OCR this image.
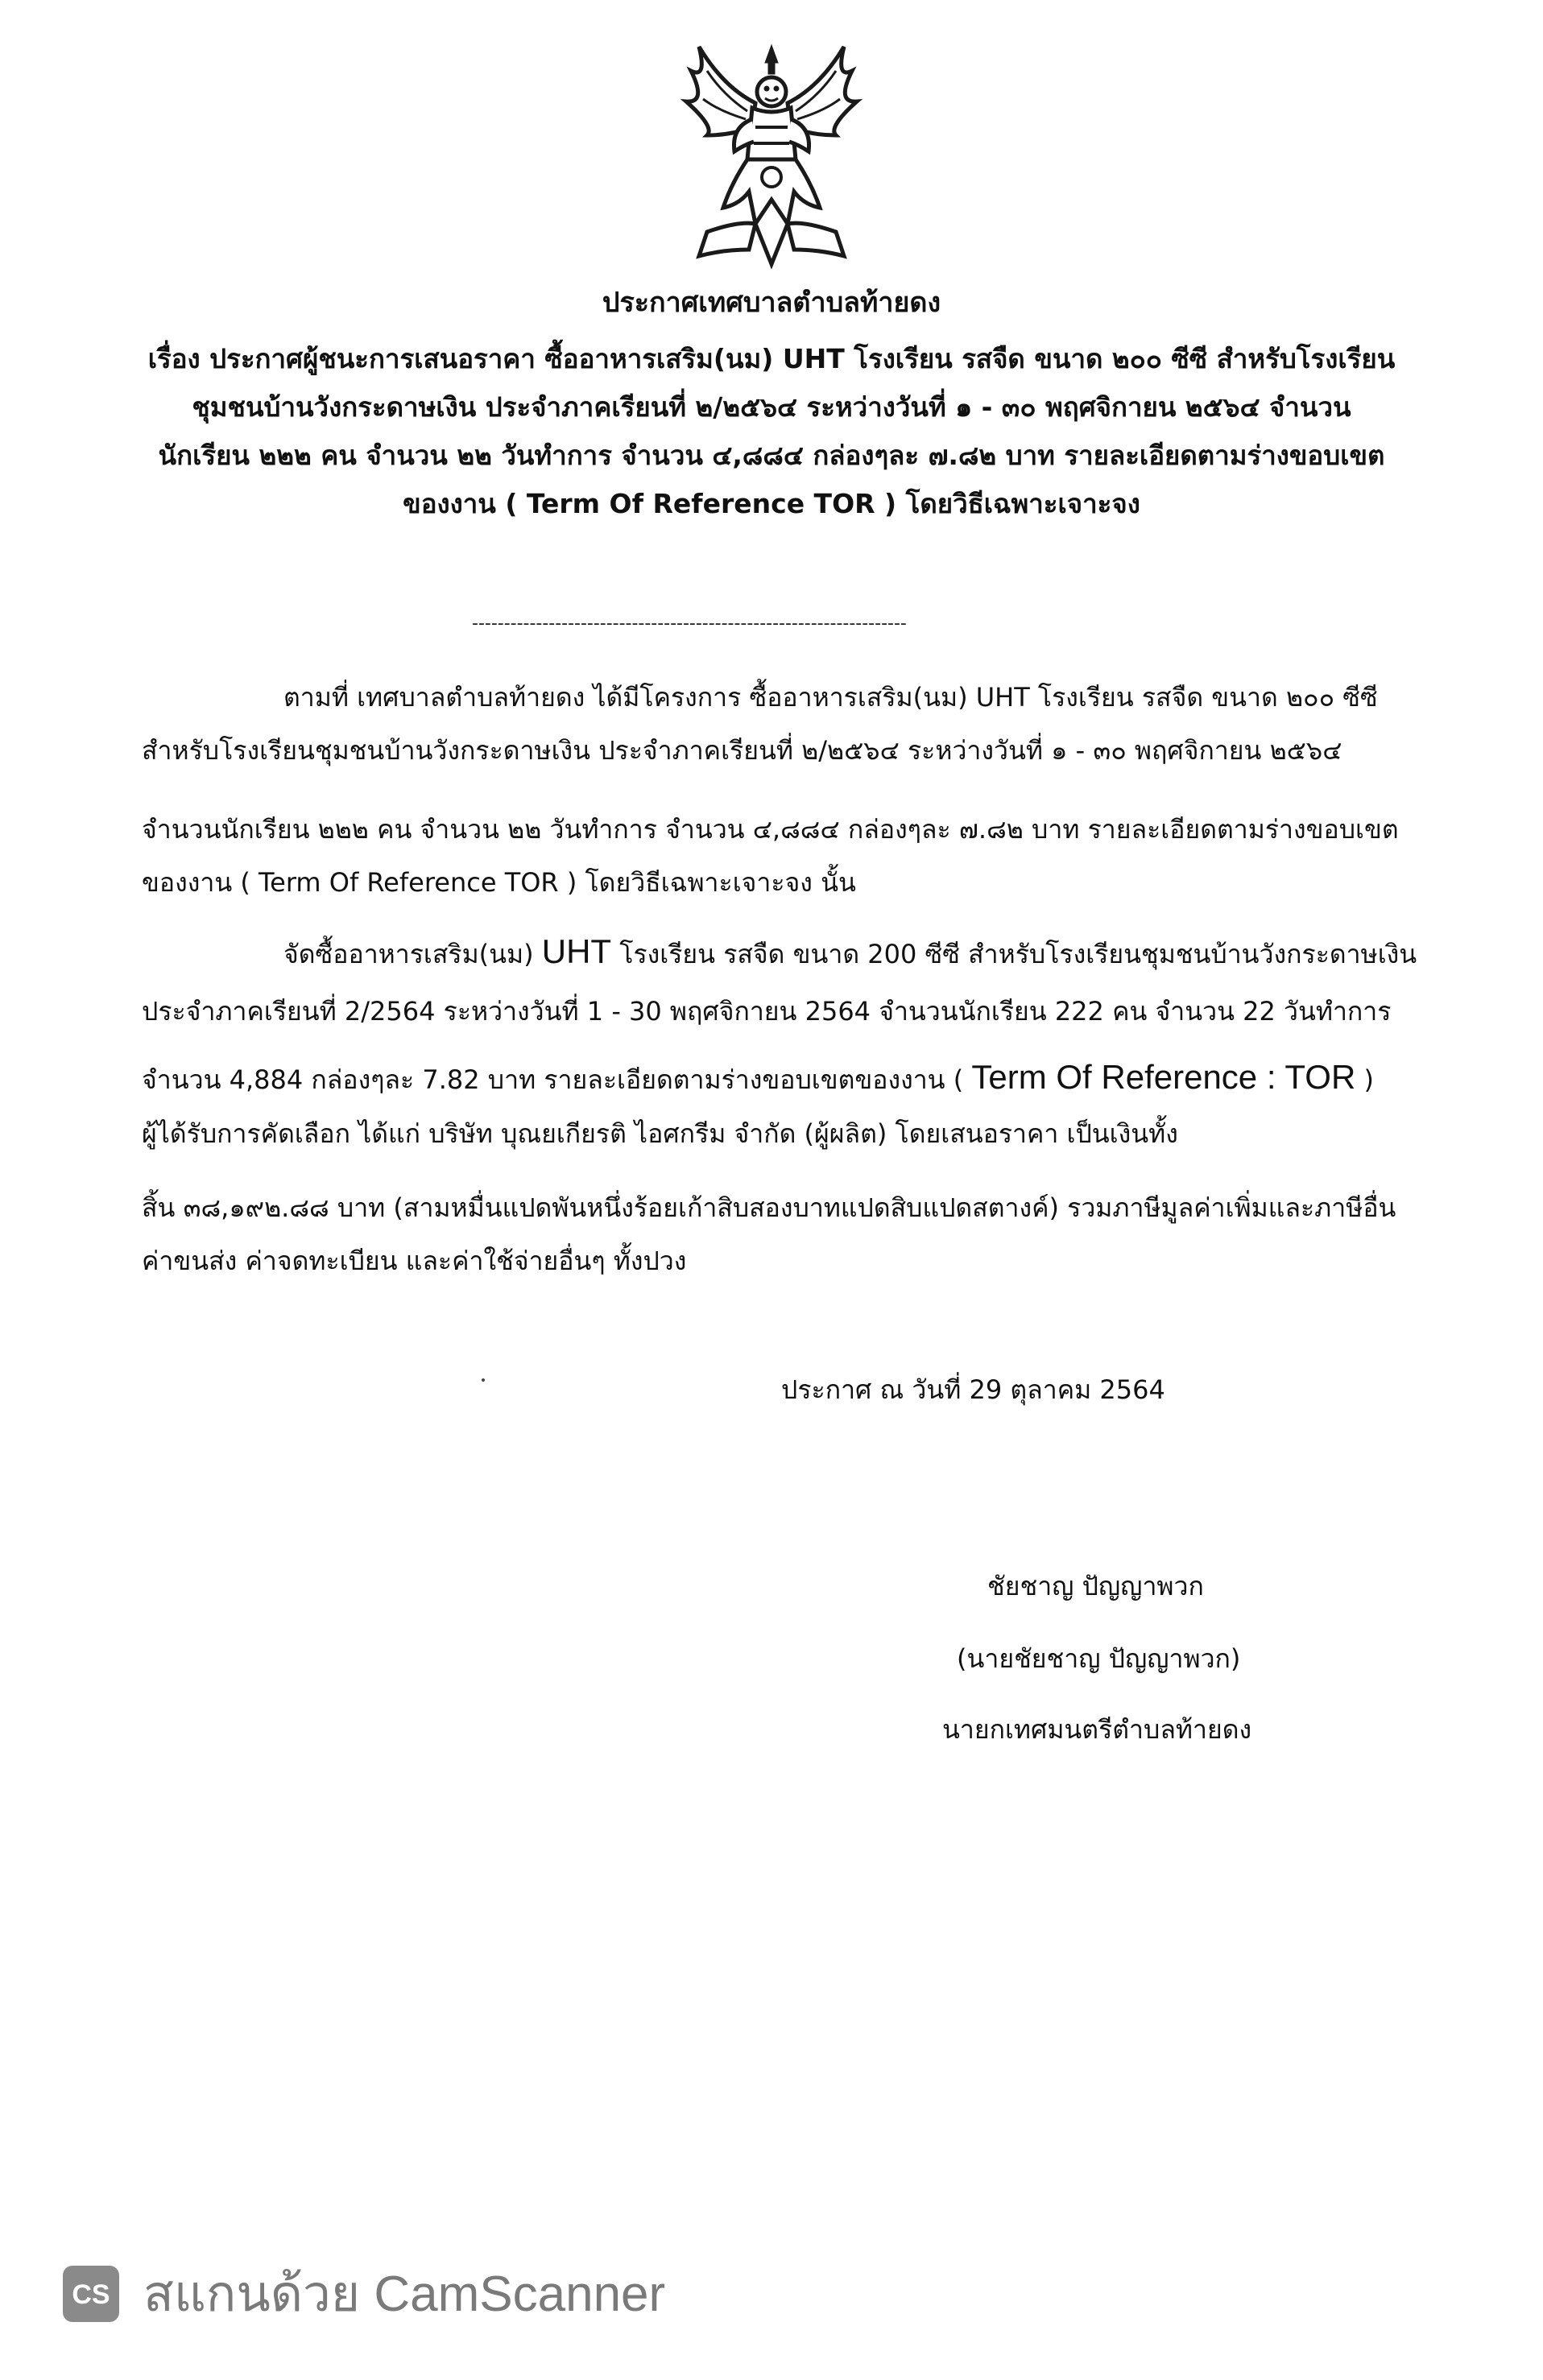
ประกาศเทศบาลตำบลท้ายดง

เรื่อง ประกาศผู้ชนะการเสนอราคา ซื้ออาหารเสริม(นม) UHT โรงเรียน รสจืด ขนาด ๒๐๐ ซีซี สำหรับโรงเรียน

ชุมชนบ้านวังกระดาษเงิน ประจำภาคเรียนที่ ๒/๒๕๖๔ ระหว่างวันที่ ๑ - ๓๐ พฤศจิกายน ๒๕๖๔ จำนวน

นักเรียน ๒๒๒ คน จำนวน ๒๒ วันทำการ จำนวน ๔,๘๘๔ กล่องๆละ ๗.๘๒ บาท รายละเอียดตามร่างขอบเขต

ของงาน ( Term Of Reference TOR ) โดยวิธีเฉพาะเจาะจง

--------------------------------------------------------------------
ตามที่ เทศบาลตำบลท้ายดง ได้มีโครงการ ซื้ออาหารเสริม(นม) UHT โรงเรียน รสจืด ขนาด ๒๐๐ ซีซี
สำหรับโรงเรียนชุมชนบ้านวังกระดาษเงิน ประจำภาคเรียนที่ ๒/๒๕๖๔ ระหว่างวันที่ ๑ - ๓๐ พฤศจิกายน ๒๕๖๔
จำนวนนักเรียน ๒๒๒ คน จำนวน ๒๒ วันทำการ จำนวน ๔,๘๘๔ กล่องๆละ ๗.๘๒ บาท รายละเอียดตามร่างขอบเขต
ของงาน ( Term Of Reference TOR ) โดยวิธีเฉพาะเจาะจง นั้น
จัดซื้ออาหารเสริม(นม) UHT โรงเรียน รสจืด ขนาด 200 ซีซี สำหรับโรงเรียนชุมชนบ้านวังกระดาษเงิน
ประจำภาคเรียนที่ 2/2564 ระหว่างวันที่ 1 - 30 พฤศจิกายน 2564 จำนวนนักเรียน 222 คน จำนวน 22 วันทำการ
จำนวน 4,884 กล่องๆละ 7.82 บาท รายละเอียดตามร่างขอบเขตของงาน ( Term Of Reference : TOR )
ผู้ได้รับการคัดเลือก ได้แก่ บริษัท บุณยเกียรติ ไอศกรีม จำกัด (ผู้ผลิต) โดยเสนอราคา เป็นเงินทั้ง
สิ้น ๓๘,๑๙๒.๘๘ บาท (สามหมื่นแปดพันหนึ่งร้อยเก้าสิบสองบาทแปดสิบแปดสตางค์) รวมภาษีมูลค่าเพิ่มและภาษีอื่น
ค่าขนส่ง ค่าจดทะเบียน และค่าใช้จ่ายอื่นๆ ทั้งปวง
ประกาศ ณ วันที่ 29 ตุลาคม 2564
ชัยชาญ ปัญญาพวก
(นายชัยชาญ ปัญญาพวก)
นายกเทศมนตรีตำบลท้ายดง
CS สแกนด้วย CamScanner
